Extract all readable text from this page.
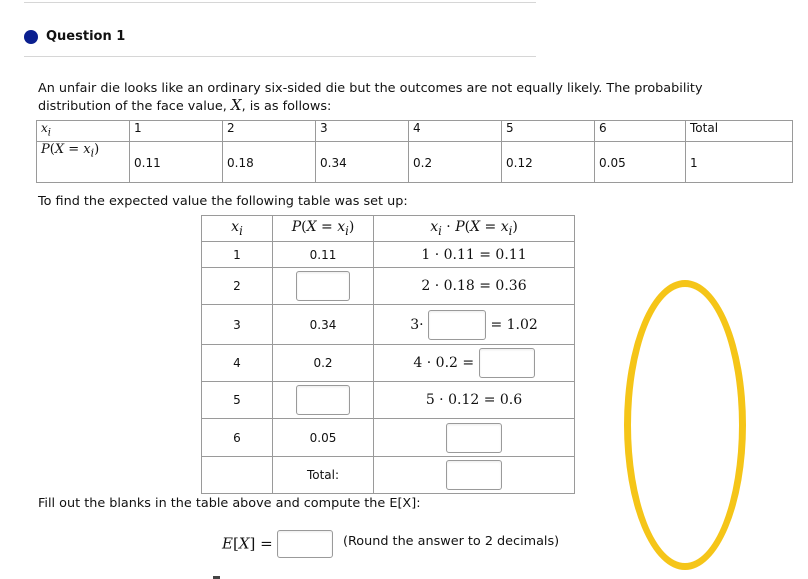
Question 1
An unfair die looks like an ordinary six-sided die but the outcomes are not equally likely. The probability distribution of the face value, X, is as follows:
$x_i$	1	2	3	4	5	6	Total
$P(X = x_i)$	0.11	0.18	0.34	0.2	0.12	0.05	1
To find the expected value the following table was set up:
$x_i$	$P(X = x_i)$	$x_i \cdot P(X = x_i)$
1	0.11	1 · 0.11 = 0.11
2		2 · 0.18 = 0.36
3	0.34	3· = 1.02
4	0.2	4 · 0.2 =
5		5 · 0.12 = 0.6
6	0.05	
	Total:	
Fill out the blanks in the table above and compute the E[X]:
E[X] =	(Round the answer to 2 decimals)
